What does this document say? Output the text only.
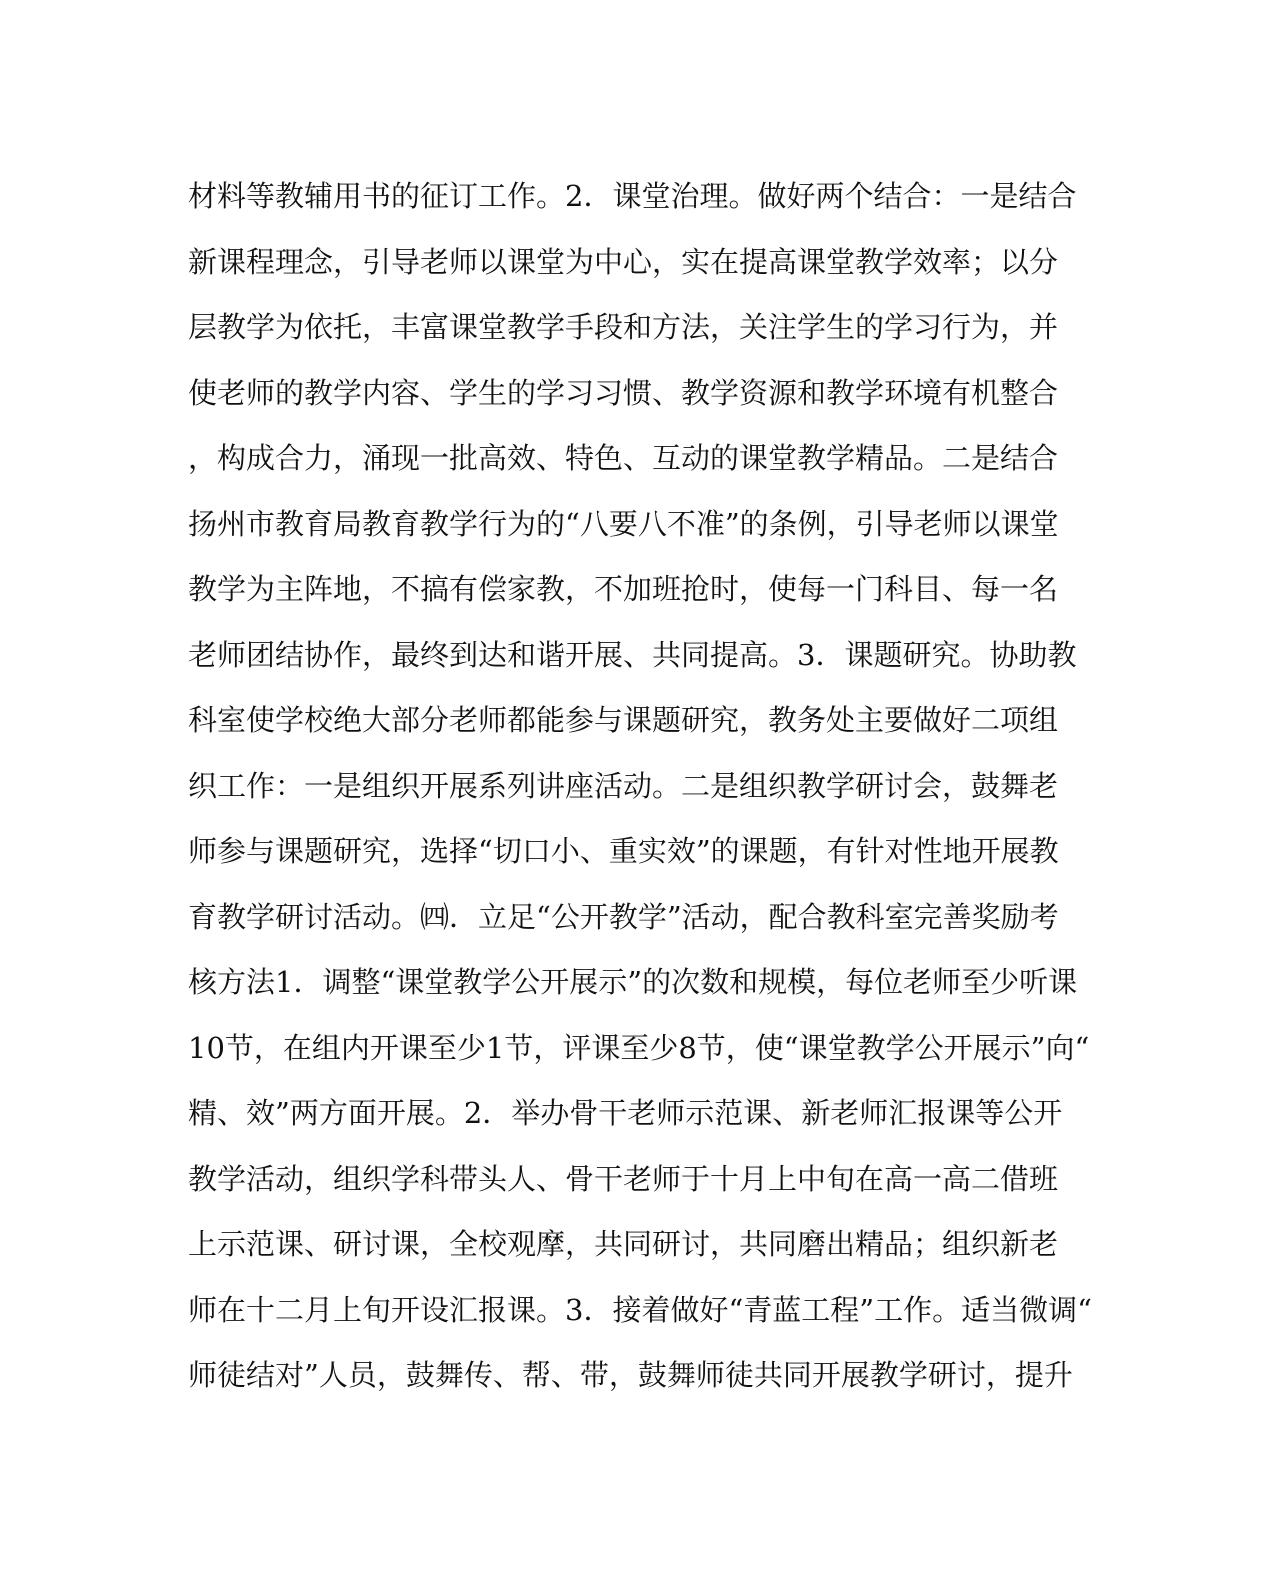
材料等教辅用书的征订工作。2．课堂治理。做好两个结合：一是结合
新课程理念，引导老师以课堂为中心，实在提高课堂教学效率；以分
层教学为依托，丰富课堂教学手段和方法，关注学生的学习行为，并
使老师的教学内容、学生的学习习惯、教学资源和教学环境有机整合
，构成合力，涌现一批高效、特色、互动的课堂教学精品。二是结合
扬州市教育局教育教学行为的“八要八不准”的条例，引导老师以课堂
教学为主阵地，不搞有偿家教，不加班抢时，使每一门科目、每一名
老师团结协作，最终到达和谐开展、共同提高。3．课题研究。协助教
科室使学校绝大部分老师都能参与课题研究，教务处主要做好二项组
织工作：一是组织开展系列讲座活动。二是组织教学研讨会，鼓舞老
师参与课题研究，选择“切口小、重实效”的课题，有针对性地开展教
育教学研讨活动。㈣．立足“公开教学”活动，配合教科室完善奖励考
核方法1．调整“课堂教学公开展示”的次数和规模，每位老师至少听课
10节，在组内开课至少1节，评课至少8节，使“课堂教学公开展示”向“
精、效”两方面开展。2．举办骨干老师示范课、新老师汇报课等公开
教学活动，组织学科带头人、骨干老师于十月上中旬在高一高二借班
上示范课、研讨课，全校观摩，共同研讨，共同磨出精品；组织新老
师在十二月上旬开设汇报课。3．接着做好“青蓝工程”工作。适当微调“
师徒结对”人员，鼓舞传、帮、带，鼓舞师徒共同开展教学研讨，提升
